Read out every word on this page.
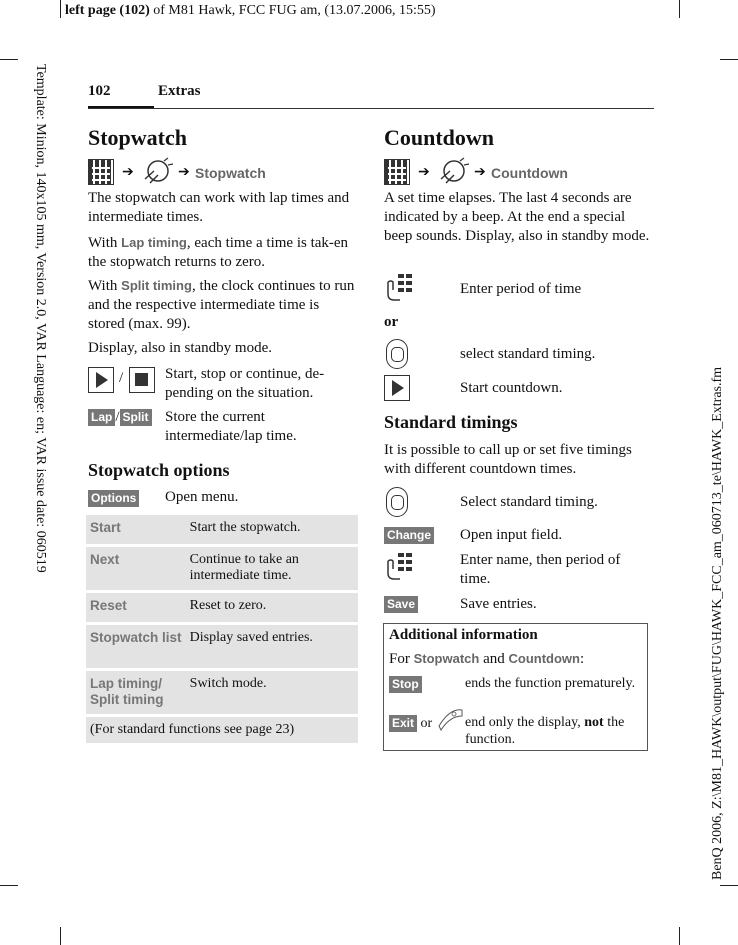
left page (102) of M81 Hawk, FCC FUG am, (13.07.2006, 15:55)
Template: Minion, 140x105 mm, Version 2.0, VAR Language: en; VAR issue date: 060519
BenQ 2006, Z:\M81_HAWK\output\FUG\HAWK_FCC_am_060713_te\HAWK_Extras.fm
102	Extras
Stopwatch
➔	➔ Stopwatch
The stopwatch can work with lap times and intermediate times.
With Lap timing, each time a time is tak-en the stopwatch returns to zero.
With Split timing, the clock continues to run and the respective intermediate time is stored (max. 99).
Display, also in standby mode.
/	Start, stop or continue, de-pending on the situation.
Lap / Split Store the current intermediate/lap time.
Stopwatch options
Options Open menu.
Start	Start the stopwatch.
Next	Continue to take an intermediate time.
Reset	Reset to zero.
Stopwatch list	Display saved entries.
Lap timing/ Split timing	Switch mode.
(For standard functions see page 23)	
Countdown
➔	➔ Countdown
A set time elapses. The last 4 seconds are indicated by a beep. At the end a special beep sounds. Display, also in standby mode.
Enter period of time
or
select standard timing.
Start countdown.
Standard timings
It is possible to call up or set five timings with different countdown times.
Select standard timing.
Change Open input field.
Enter name, then period of time.
Save	Save entries.
Additional information
For Stopwatch and Countdown:
Stop	ends the function prematurely.
Exit or end only the display, not the function.
